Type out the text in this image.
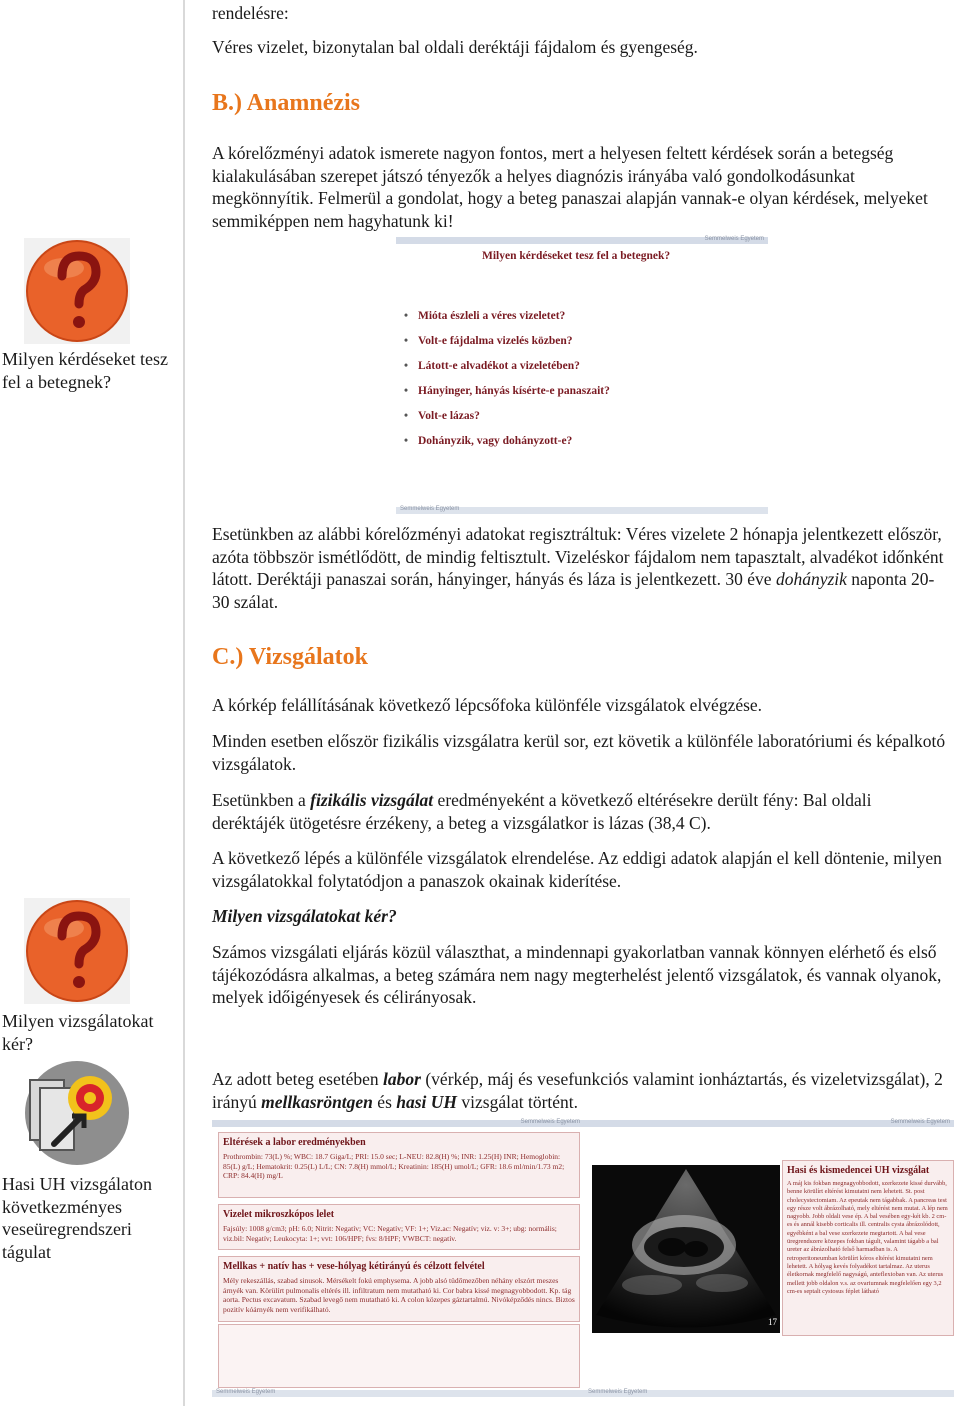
rendelésre:
Véres vizelet, bizonytalan bal oldali deréktáji fájdalom és gyengeség.
B.) Anamnézis

A kórelőzményi adatok ismerete nagyon fontos, mert a helyesen feltett kérdések során a betegség kialakulásában szerepet játszó tényezők a helyes diagnózis irányába való gondolkodásunkat megkönnyítik. Felmerül a gondolat, hogy a beteg panaszai alapján vannak-e olyan kérdések, melyeket semmiképpen nem hagyhatunk ki!

Milyen kérdéseket tesz fel a betegnek?
Semmelweis Egyetem
Milyen kérdéseket tesz fel a betegnek?
• Mióta észleli a véres vizeletet?
• Volt-e fájdalma vizelés közben?
• Látott-e alvadékot a vizeletében?
• Hányinger, hányás kísérte-e panaszait?
• Volt-e lázas?
• Dohányzik, vagy dohányzott-e?
Semmelweis Egyetem

Esetünkben az alábbi kórelőzményi adatokat regisztráltuk: Véres vizelete 2 hónapja jelentkezett először, azóta többször ismétlődött, de mindig feltisztult. Vizeléskor fájdalom nem tapasztalt, alvadékot időnként látott. Deréktáji panaszai során, hányinger, hányás és láza is jelentkezett. 30 éve dohányzik naponta 20-30 szálat.

C.) Vizsgálatok

A kórkép felállításának következő lépcsőfoka különféle vizsgálatok elvégzése.

Minden esetben először fizikális vizsgálatra kerül sor, ezt követik a különféle laboratóriumi és képalkotó vizsgálatok.

Esetünkben a fizikális vizsgálat eredményeként a következő eltérésekre derült fény: Bal oldali deréktájék ütögetésre érzékeny, a beteg a vizsgálatkor is lázas (38,4 C).

A következő lépés a különféle vizsgálatok elrendelése. Az eddigi adatok alapján el kell döntenie, milyen vizsgálatokkal folytatódjon a panaszok okainak kiderítése.

Milyen vizsgálatokat kér?

Számos vizsgálati eljárás közül választhat, a mindennapi gyakorlatban vannak könnyen elérhető és első tájékozódásra alkalmas, a beteg számára nem nagy megterhelést jelentő vizsgálatok, és vannak olyanok, melyek időigényesek és célirányosak.

Milyen vizsgálatokat kér?
Hasi UH vizsgálaton következményes veseüregrendszeri tágulat

Az adott beteg esetében labor (vérkép, máj és vesefunkciós valamint ionháztartás, és vizeletvizsgálat), 2 irányú mellkasröntgen és hasi UH vizsgálat történt.

Semmelweis Egyetem	Semmelweis Egyetem
Eltérések a labor eredményekben

Prothrombin: 73(L) %; WBC: 18.7 Giga/L; PRI: 15.0 sec; L-NEU: 82.8(H) %; INR: 1.25(H) INR; Hemoglobin: 85(L) g/L; Hematokrit: 0.25(L) L/L; CN: 7.8(H) mmol/L; Kreatinin: 185(H) umol/L; GFR: 18.6 ml/min/1.73 m2; CRP: 84.4(H) mg/L

Vizelet mikroszkópos lelet

Fajsúly: 1008 g/cm3; pH: 6.0; Nitrit: Negatív; VC: Negatív; VF: 1+; Viz.ac: Negatív; viz. v: 3+; ubg: normális; viz.bil: Negatív; Leukocyta: 1+; vvt: 106/HPF; fvs: 8/HPF; VWBCT: negatív.

Mellkas + natív has + vese-hólyag kétirányú és célzott felvétel

Mély rekeszállás, szabad sinusok. Mérsékelt fokú emphysema. A jobb alsó tüdőmezőben néhány elszórt meszes árnyék van. Körülírt pulmonalis eltérés ill. infiltratum nem mutatható ki. Cor babra kissé megnagyobbodott. Kp. tág aorta. Pectus excavatum. Szabad levegő nem mutatható ki. A colon közepes gáztartalmú. Nivóképződés nincs. Biztos pozitív kóárnyék nem verifikálható.

17
Hasi és kismedencei UH vizsgálat

A máj kis fokban megnagyobbodott, szerkezete kissé durvább, benne körülírt eltérést kimutatni nem lehetett. St. post cholecystectomiam. Az epeutak nem tágabbak. A pancreas test egy része volt ábrázolható, mely eltérést nem mutat. A lép nem nagyobb. Jobb oldali vese ép. A bal vesében egy-két kb. 2 cm-es és annál kisebb corticalis ill. centralis cysta ábrázolódott, egyébként a bal vese szerkezete megtartott. A bal vese üregrendszere közepes fokban tágult, valamint tágabb a bal ureter az ábrázolható felső harmadban is. A retroperitoneumban körülírt kóros eltérést kimutatni nem lehetett. A hólyag kevés folyadékot tartalmaz. Az uterus életkornak megfelelő nagyságú, anteflexioban van. Az uterus mellett jobb oldalon v.s. az ovariumnak megfelelően egy 3,2 cm-es septalt cystosus féplet látható

Semmelweis Egyetem	Semmelweis Egyetem
